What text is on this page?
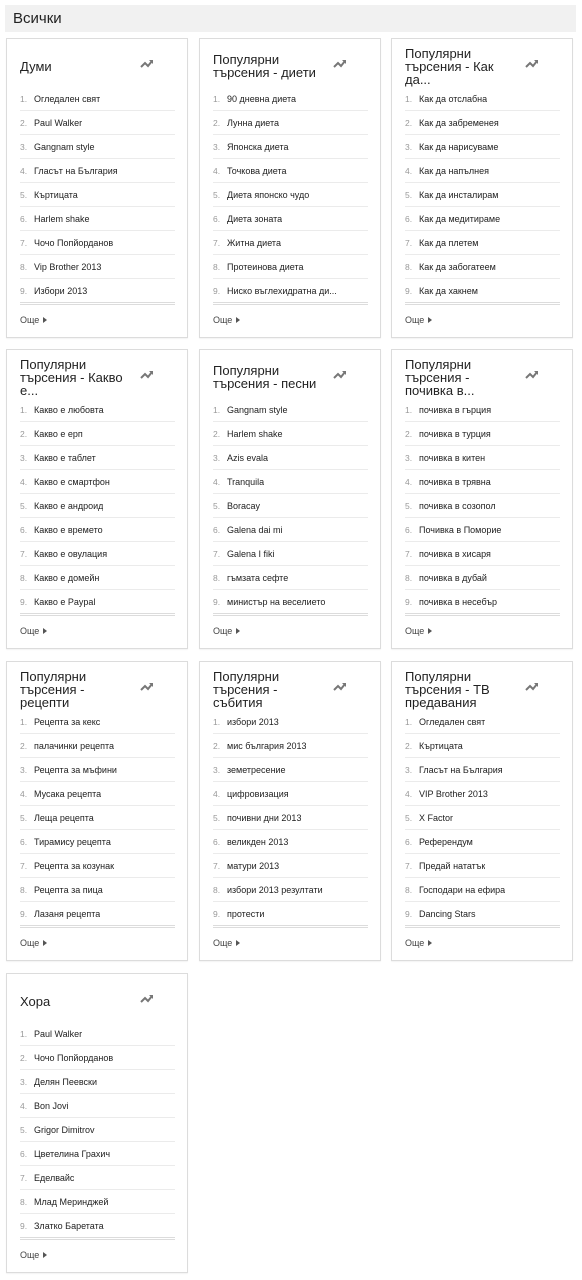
Всички
Думи
1. Огледален свят
2. Paul Walker
3. Gangnam style
4. Гласът на България
5. Къртицата
6. Harlem shake
7. Чочо Попйорданов
8. Vip Brother 2013
9. Избори 2013
Още
Популярни търсения - диети
1. 90 дневна диета
2. Лунна диета
3. Японска диета
4. Точкова диета
5. Диета японско чудо
6. Диета зоната
7. Житна диета
8. Протеинова диета
9. Ниско въглехидратна ди...
Още
Популярни търсения - Как да...
1. Как да отслабна
2. Как да забременея
3. Как да нарисуваме
4. Как да напълнея
5. Как да инсталирам
6. Как да медитираме
7. Как да плетем
8. Как да забогатеем
9. Как да хакнем
Още
Популярни търсения - Какво е...
1. Какво е любовта
2. Какво е ерп
3. Какво е таблет
4. Какво е смартфон
5. Какво е андроид
6. Какво е времето
7. Какво е овулация
8. Какво е домейн
9. Какво е Paypal
Още
Популярни търсения - песни
1. Gangnam style
2. Harlem shake
3. Azis evala
4. Tranquila
5. Boracay
6. Galena dai mi
7. Galena I fiki
8. гъмзата сефте
9. министър на веселието
Още
Популярни търсения - почивка в...
1. почивка в гърция
2. почивка в турция
3. почивка в китен
4. почивка в трявна
5. почивка в созопол
6. Почивка в Поморие
7. почивка в хисаря
8. почивка в дубай
9. почивка в несебър
Още
Популярни търсения - рецепти
1. Рецепта за кекс
2. палачинки рецепта
3. Рецепта за мъфини
4. Мусака рецепта
5. Леща рецепта
6. Тирамису рецепта
7. Рецепта за козунак
8. Рецепта за пица
9. Лазаня рецепта
Още
Популярни търсения - събития
1. избори 2013
2. мис българия 2013
3. земетресение
4. цифровизация
5. почивни дни 2013
6. великден 2013
7. матури 2013
8. избори 2013 резултати
9. протести
Още
Популярни търсения - ТВ предавания
1. Огледален свят
2. Къртицата
3. Гласът на България
4. VIP Brother 2013
5. X Factor
6. Референдум
7. Предай нататък
8. Господари на ефира
9. Dancing Stars
Още
Хора
1. Paul Walker
2. Чочо Попйорданов
3. Делян Пеевски
4. Bon Jovi
5. Grigor Dimitrov
6. Цветелина Грахич
7. Еделвайс
8. Млад Меринджей
9. Златко Баретата
Още
